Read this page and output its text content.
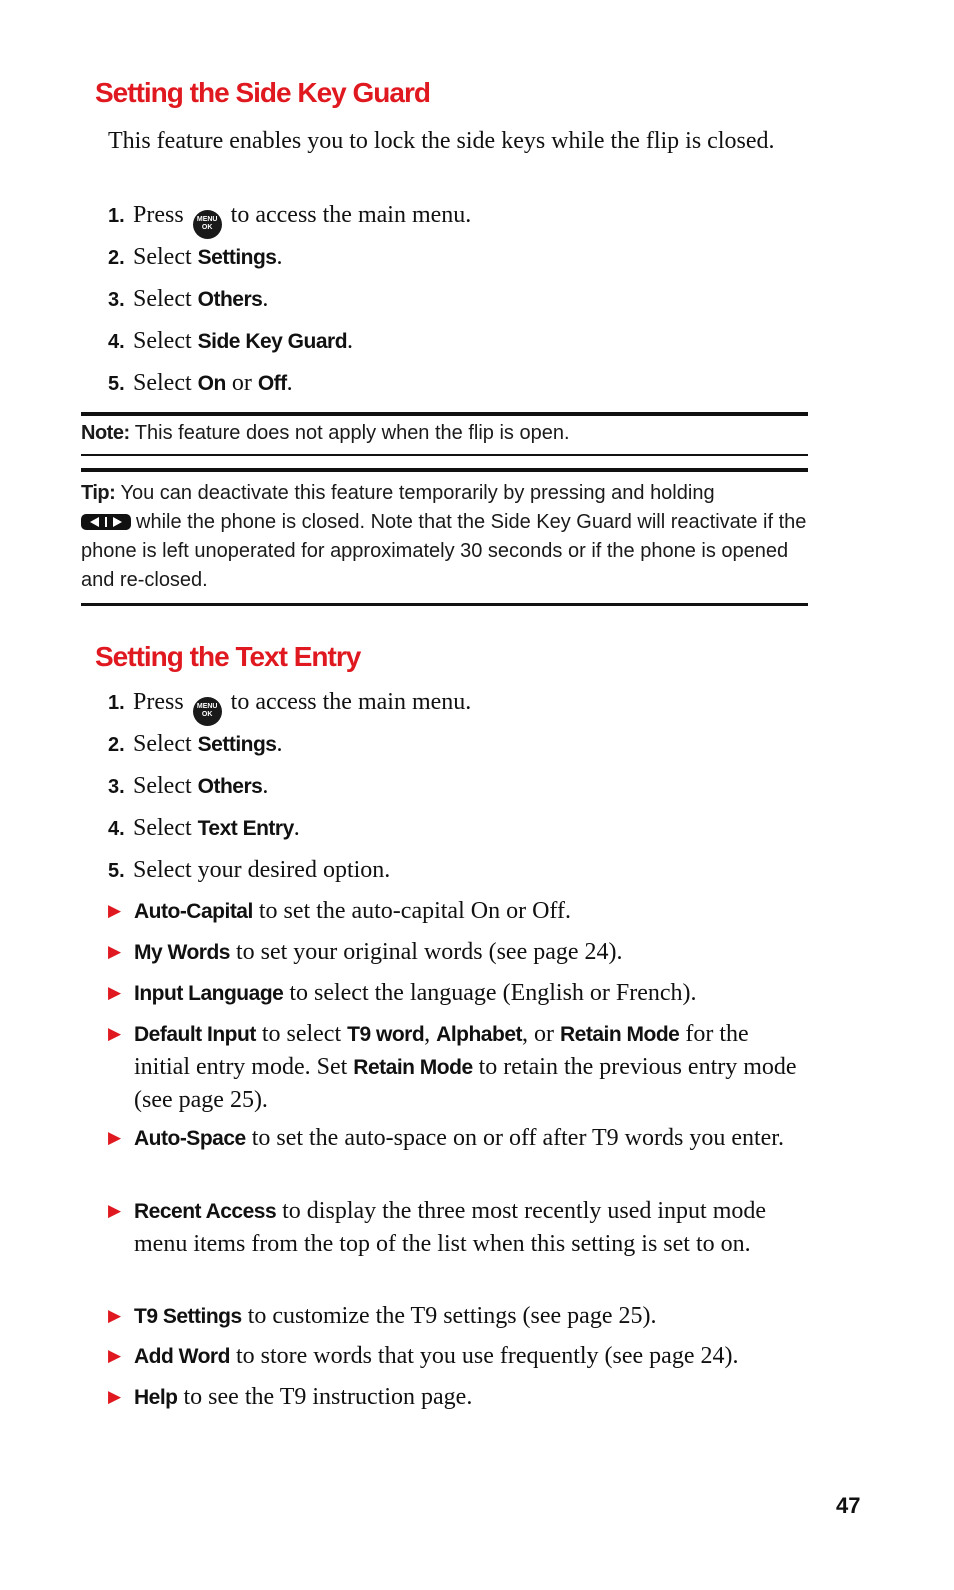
Setting the Side Key Guard

This feature enables you to lock the side keys while the flip is closed.

1. Press MENU
OK to access the main menu.

2. Select Settings.

3. Select Others.

4. Select Side Key Guard.

5. Select On or Off.

Note: This feature does not apply when the flip is open.

Tip: You can deactivate this feature temporarily by pressing and holding

while the phone is closed. Note that the Side Key Guard will reactivate if the phone is left unoperated for approximately 30 seconds or if the phone is opened and re-closed.

Setting the Text Entry

1. Press MENU
OK to access the main menu.

2. Select Settings.

3. Select Others.

4. Select Text Entry.

5. Select your desired option.

▶ Auto-Capital to set the auto-capital On or Off.

▶ My Words to set your original words (see page 24).

▶ Input Language to select the language (English or French).

▶ Default Input to select T9 word, Alphabet, or Retain Mode for the initial entry mode. Set Retain Mode to retain the previous entry mode (see page 25).

▶ Auto-Space to set the auto-space on or off after T9 words you enter.

▶ Recent Access to display the three most recently used input mode menu items from the top of the list when this setting is set to on.

▶ T9 Settings to customize the T9 settings (see page 25).

▶ Add Word to store words that you use frequently (see page 24).

▶ Help to see the T9 instruction page.

47
